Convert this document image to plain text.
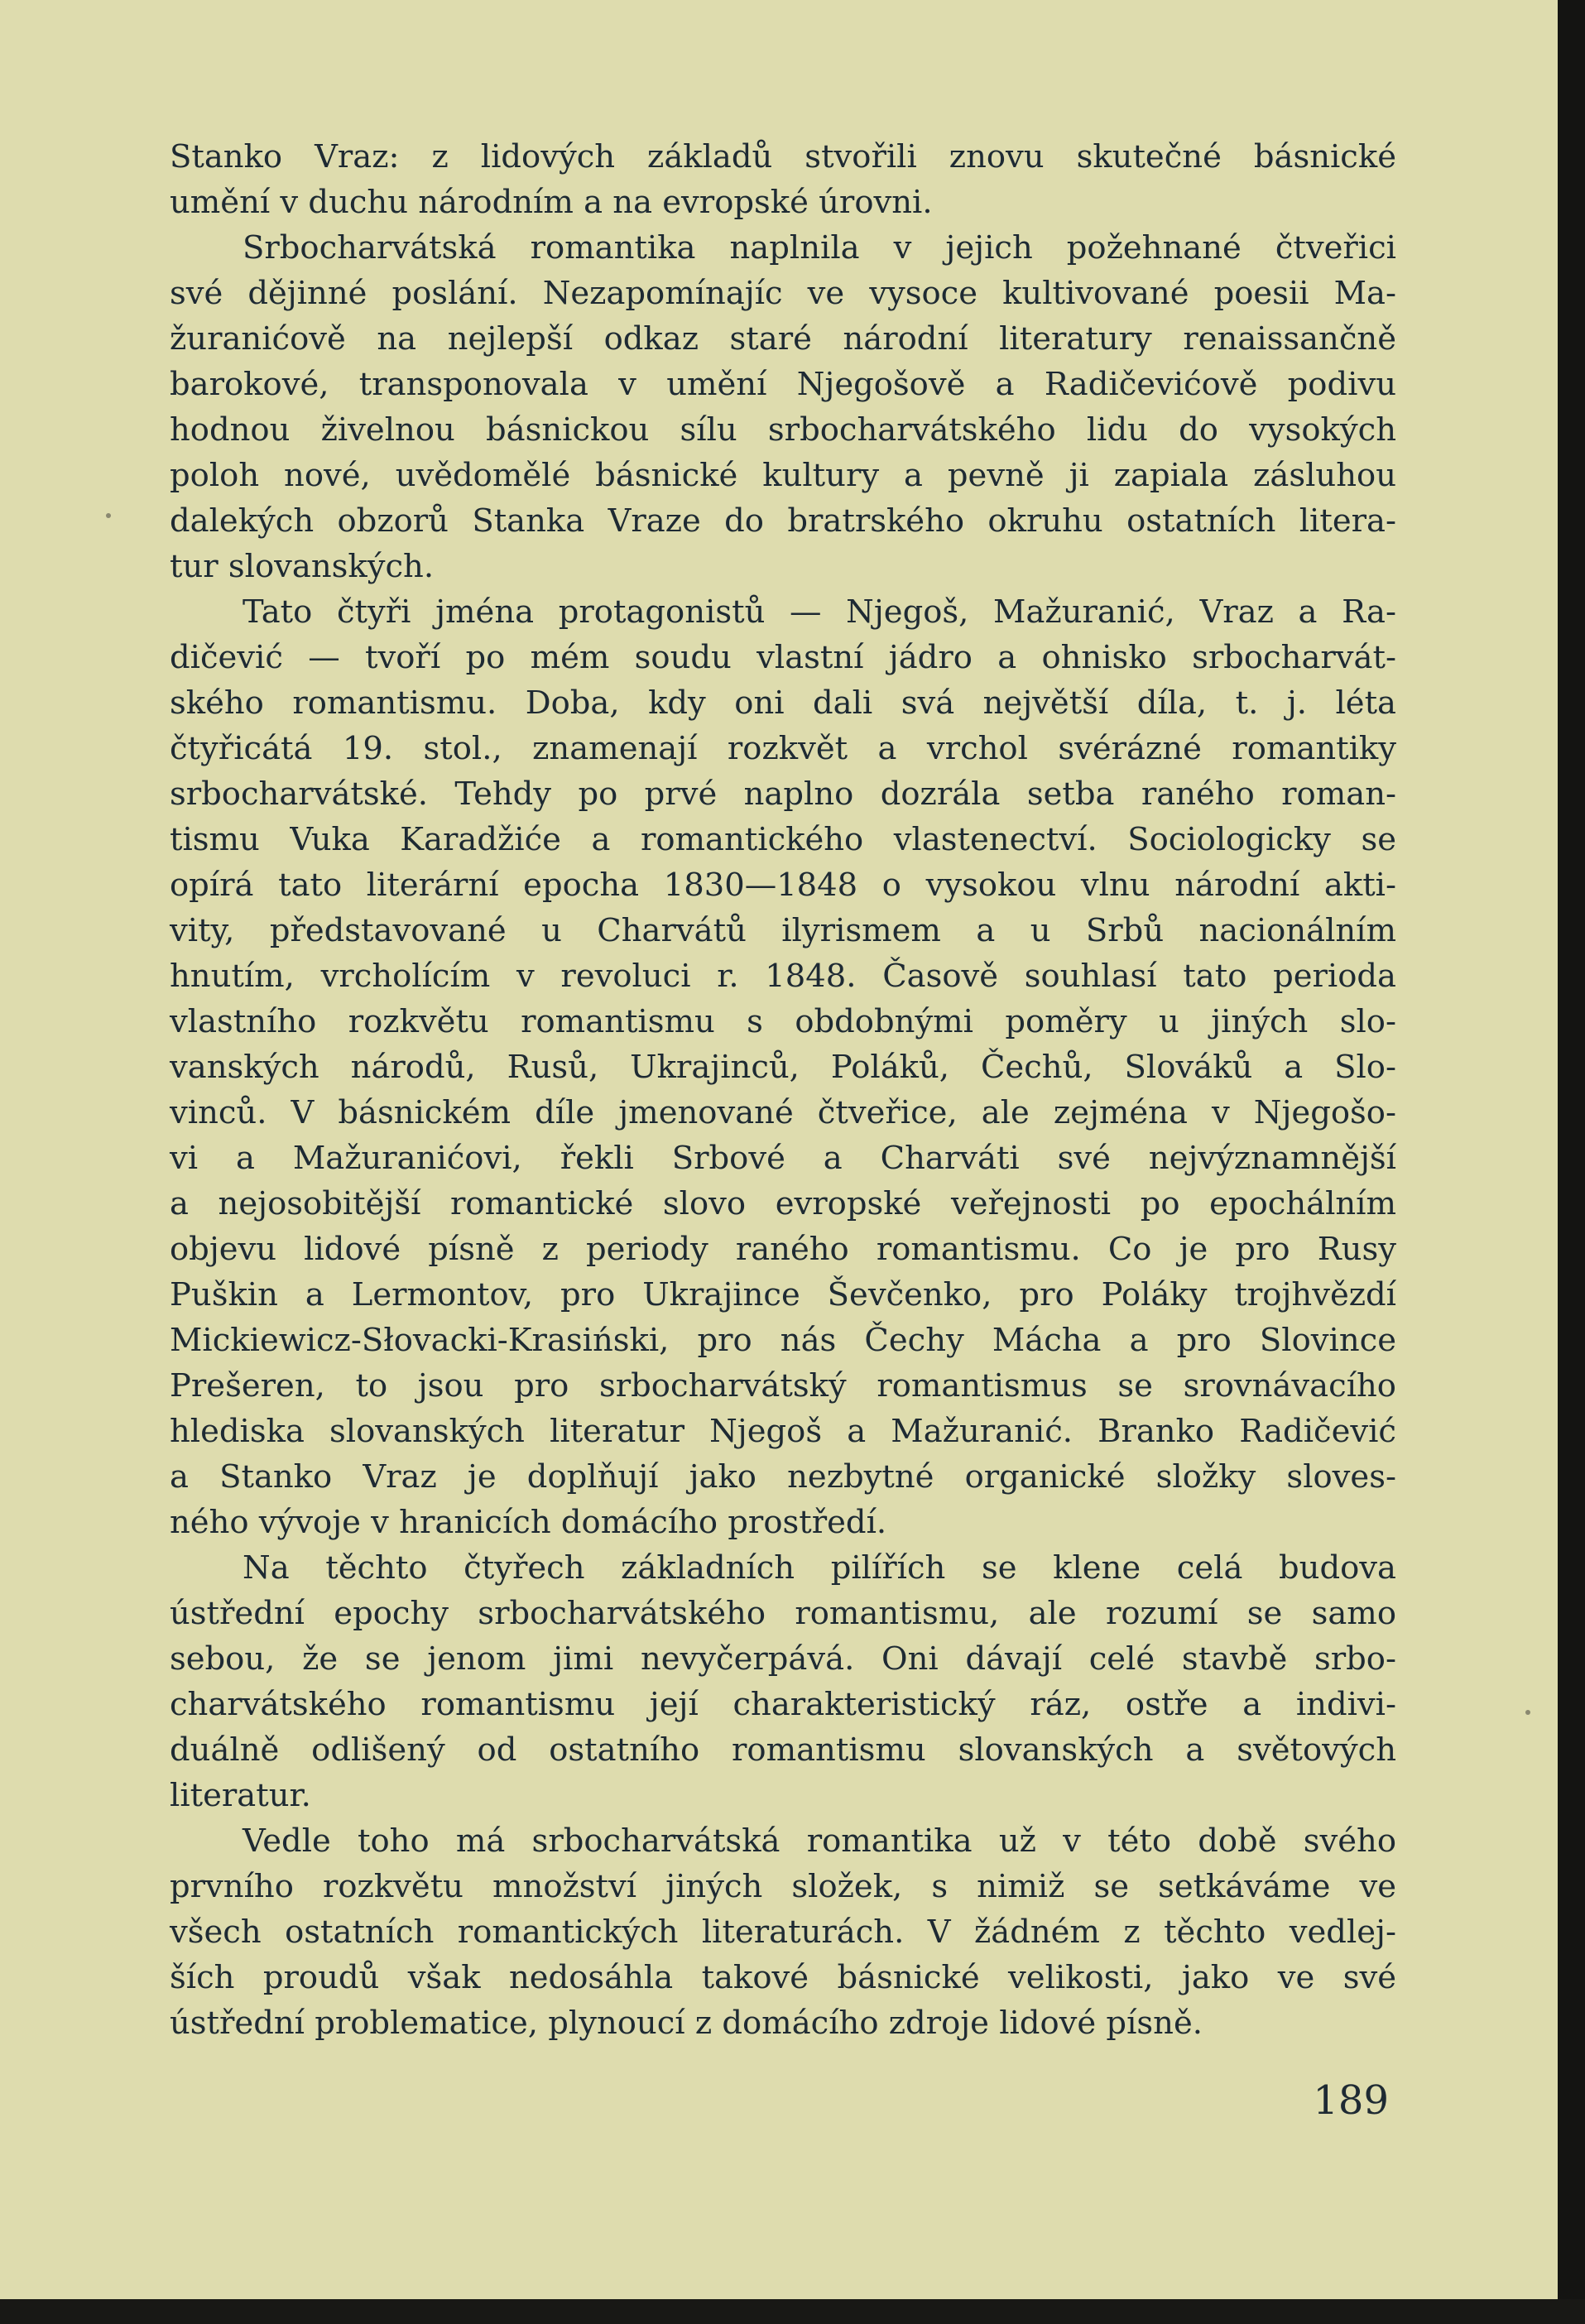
Stanko Vraz: z lidových základů stvořili znovu skutečné básnické
umění v duchu národním a na evropské úrovni.
Srbocharvátská romantika naplnila v jejich požehnané čtveřici
své dějinné poslání. Nezapomínajíc ve vysoce kultivované poesii Ma-
žuranićově na nejlepší odkaz staré národní literatury renaissančně
barokové, transponovala v umění Njegošově a Radičevićově podivu
hodnou živelnou básnickou sílu srbocharvátského lidu do vysokých
poloh nové, uvědomělé básnické kultury a pevně ji zapiala zásluhou
dalekých obzorů Stanka Vraze do bratrského okruhu ostatních litera-
tur slovanských.
Tato čtyři jména protagonistů — Njegoš, Mažuranić, Vraz a Ra-
dičević — tvoří po mém soudu vlastní jádro a ohnisko srbocharvát-
ského romantismu. Doba, kdy oni dali svá největší díla, t. j. léta
čtyřicátá 19. stol., znamenají rozkvět a vrchol svérázné romantiky
srbocharvátské. Tehdy po prvé naplno dozrála setba raného roman-
tismu Vuka Karadžiće a romantického vlastenectví. Sociologicky se
opírá tato literární epocha 1830—1848 o vysokou vlnu národní akti-
vity, představované u Charvátů ilyrismem a u Srbů nacionálním
hnutím, vrcholícím v revoluci r. 1848. Časově souhlasí tato perioda
vlastního rozkvětu romantismu s obdobnými poměry u jiných slo-
vanských národů, Rusů, Ukrajinců, Poláků, Čechů, Slováků a Slo-
vinců. V básnickém díle jmenované čtveřice, ale zejména v Njegošo-
vi a Mažuranićovi, řekli Srbové a Charváti své nejvýznamnější
a nejosobitější romantické slovo evropské veřejnosti po epochálním
objevu lidové písně z periody raného romantismu. Co je pro Rusy
Puškin a Lermontov, pro Ukrajince Ševčenko, pro Poláky trojhvězdí
Mickiewicz-Słovacki-Krasiński, pro nás Čechy Mácha a pro Slovince
Prešeren, to jsou pro srbocharvátský romantismus se srovnávacího
hlediska slovanských literatur Njegoš a Mažuranić. Branko Radičević
a Stanko Vraz je doplňují jako nezbytné organické složky sloves-
ného vývoje v hranicích domácího prostředí.
Na těchto čtyřech základních pilířích se klene celá budova
ústřední epochy srbocharvátského romantismu, ale rozumí se samo
sebou, že se jenom jimi nevyčerpává. Oni dávají celé stavbě srbo-
charvátského romantismu její charakteristický ráz, ostře a indivi-
duálně odlišený od ostatního romantismu slovanských a světových
literatur.
Vedle toho má srbocharvátská romantika už v této době svého
prvního rozkvětu množství jiných složek, s nimiž se setkáváme ve
všech ostatních romantických literaturách. V žádném z těchto vedlej-
ších proudů však nedosáhla takové básnické velikosti, jako ve své
ústřední problematice, plynoucí z domácího zdroje lidové písně.
189
